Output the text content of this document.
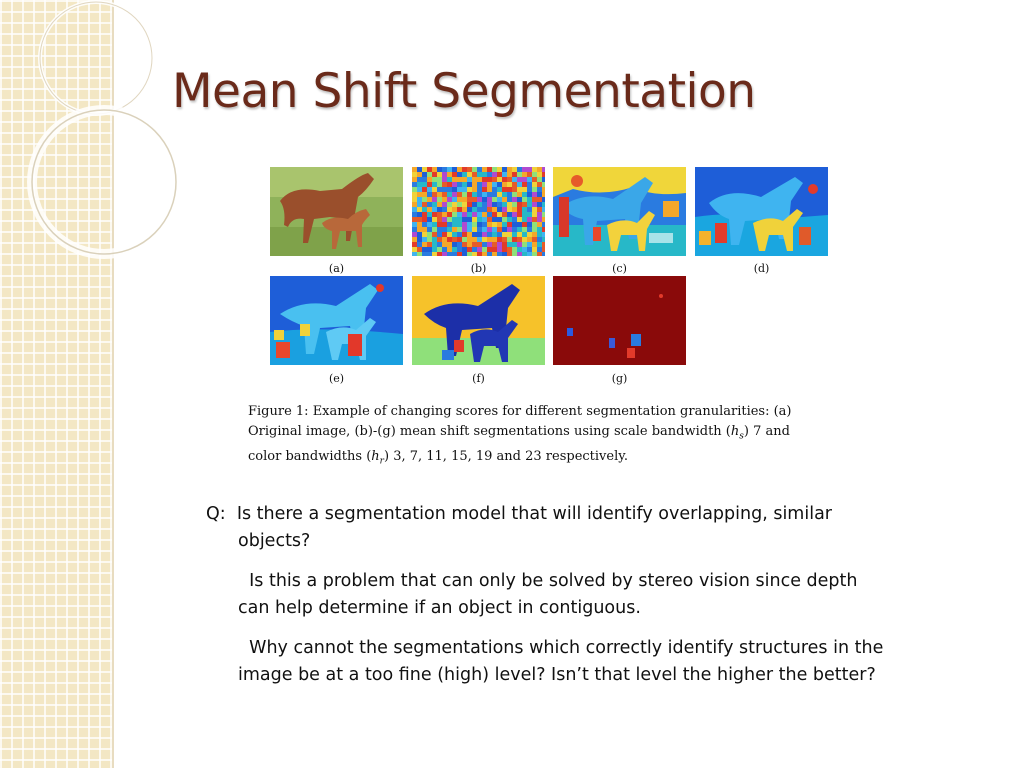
Mean Shift Segmentation
(a)	(b)	(c)	(d)
(e)	(f)	(g)
Figure 1: Example of changing scores for different segmentation granularities: (a)
Original image, (b)-(g) mean shift segmentations using scale bandwidth $(h_s)$ 7 and
color bandwidths $(h_r)$ 3, 7, 11, 15, 19 and 23 respectively.

Q: Is there a segmentation model that will identify overlapping, similar objects?

Is this a problem that can only be solved by stereo vision since depth can help determine if an object in contiguous.

Why cannot the segmentations which correctly identify structures in the image be at a too fine (high) level? Isn’t that level the higher the better?
